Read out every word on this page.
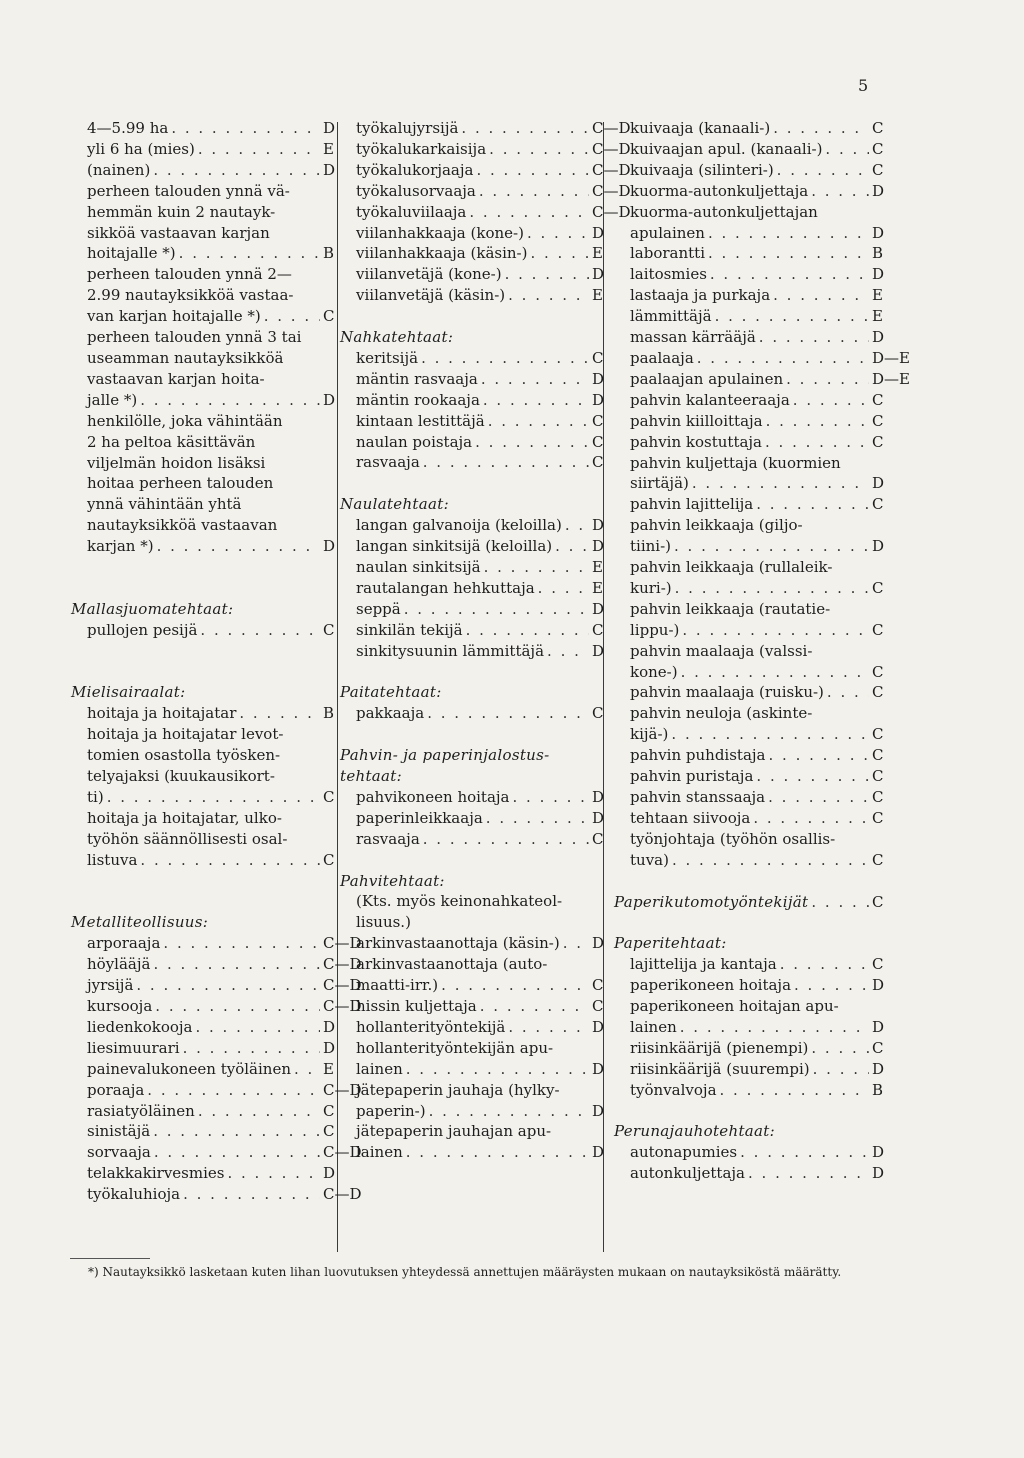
5
4—5.99 ha . . .	D
yli 6 ha (mies) . . .	E
(nainen) . . .	D
perheen talouden ynnä vä-
hemmän kuin 2 nautayk-
sikköä vastaavan karjan
hoitajalle *) . . .	B
perheen talouden ynnä 2—
2.99 nautayksikköä vastaa-
van karjan hoitajalle *) . . .	C
perheen talouden ynnä 3 tai
useamman nautayksikköä
vastaavan karjan hoita-
jalle *) . . .	D
henkilölle, joka vähintään
2 ha peltoa käsittävän
viljelmän hoidon lisäksi
hoitaa perheen talouden
ynnä vähintään yhtä
nautayksikköä vastaavan
karjan *) . . .	D
Mallasjuomatehtaat:
pullojen pesijä . . .	C
Mielisairaalat:
hoitaja ja hoitajatar . . .	B
hoitaja ja hoitajatar levot-
tomien osastolla työsken-
telyajaksi (kuukausikort-
ti) . . .	C
hoitaja ja hoitajatar, ulko-
työhön säännöllisesti osal-
listuva . . .	C
Metalliteollisuus:
arporaaja . . .	C—D
höylääjä . . .	C—D
jyrsijä . . .	C—D
kursooja . . .	C—D
liedenkokooja . . .	D
liesimuurari . . .	D
painevalukoneen työläinen . . . E
poraaja . . .	C—D
rasiatyöläinen . . .	C
sinistäjä . . .	C
sorvaaja . . .	C—D
telakkakirvesmies . . .	D
työkaluhioja . . .	C—D
työkalujyrsijä . . .	C—D
työkalukarkaisija . . .	C—D
työkalukorjaaja . . .	C—D
työkalusorvaaja . . .	C—D
työkaluviilaaja . . .	C—D
viilanhakkaaja (kone-) . . .	D
viilanhakkaaja (käsin-) . . .	E
viilanvetäjä (kone-) . . .	D
viilanvetäjä (käsin-) . . .	E
Nahkatehtaat:
keritsijä . . .	C
mäntin rasvaaja . . .	D
mäntin rookaaja . . .	D
kintaan lestittäjä . . .	C
naulan poistaja . . .	C
rasvaaja . . .	C
Naulatehtaat:
langan galvanoija (keloilla) . . . D
langan sinkitsijä (keloilla) . . .	D
naulan sinkitsijä . . .	E
rautalangan hehkuttaja . . .	E
seppä . . .	D
sinkilän tekijä . . .	C
sinkitysuunin lämmittäjä . . .	D
Paitatehtaat:
pakkaaja . . .	C
Pahvin- ja paperinjalostus-
tehtaat:
pahvikoneen hoitaja . . .	D
paperinleikkaaja . . .	D
rasvaaja . . .	C
Pahvitehtaat:
(Kts. myös keinonahkateol-
lisuus.)
arkinvastaanottaja (käsin-) . . . D
arkinvastaanottaja (auto-
maatti-irr.) . . .	C
hissin kuljettaja . . .	C
hollanterityöntekijä . . .	D
hollanterityöntekijän apu-
lainen . . .	D
jätepaperin jauhaja (hylky-
paperin-) . . .	D
jätepaperin jauhajan apu-
lainen . . .	D
kuivaaja (kanaali-) . . .	C
kuivaajan apul. (kanaali-) . . .	C
kuivaaja (silinteri-) . . .	C
kuorma-autonkuljettaja . . .	D
kuorma-autonkuljettajan
apulainen . . .	D
laborantti . . .	B
laitosmies . . .	D
lastaaja ja purkaja . . .	E
lämmittäjä . . .	E
massan kärrääjä . . .	D
paalaaja . . .	D—E
paalaajan apulainen . . .	D—E
pahvin kalanteeraaja . . .	C
pahvin kiilloittaja . . .	C
pahvin kostuttaja . . .	C
pahvin kuljettaja (kuormien
siirtäjä) . . .	D
pahvin lajittelija . . .	C
pahvin leikkaaja (giljo-
tiini-) . . .	D
pahvin leikkaaja (rullaleik-
kuri-) . . .	C
pahvin leikkaaja (rautatie-
lippu-) . . .	C
pahvin maalaaja (valssi-
kone-) . . .	C
pahvin maalaaja (ruisku-) . . .	C
pahvin neuloja (askinte-
kijä-) . . .	C
pahvin puhdistaja . . .	C
pahvin puristaja . . .	C
pahvin stanssaaja . . .	C
tehtaan siivooja . . .	C
työnjohtaja (työhön osallis-
tuva) . . .	C
Paperikutomotyöntekijät . . .	C
Paperitehtaat:
lajittelija ja kantaja . . .	C
paperikoneen hoitaja . . .	D
paperikoneen hoitajan apu-
lainen . . .	D
riisinkäärijä (pienempi) . . .	C
riisinkäärijä (suurempi) . . .	D
työnvalvoja . . .	B
Perunajauhotehtaat:
autonapumies . . .	D
autonkuljettaja . . .	D
*) Nautayksikkö lasketaan kuten lihan luovutuksen yhteydessä annettujen määräysten mukaan on nautayksiköstä määrätty.
